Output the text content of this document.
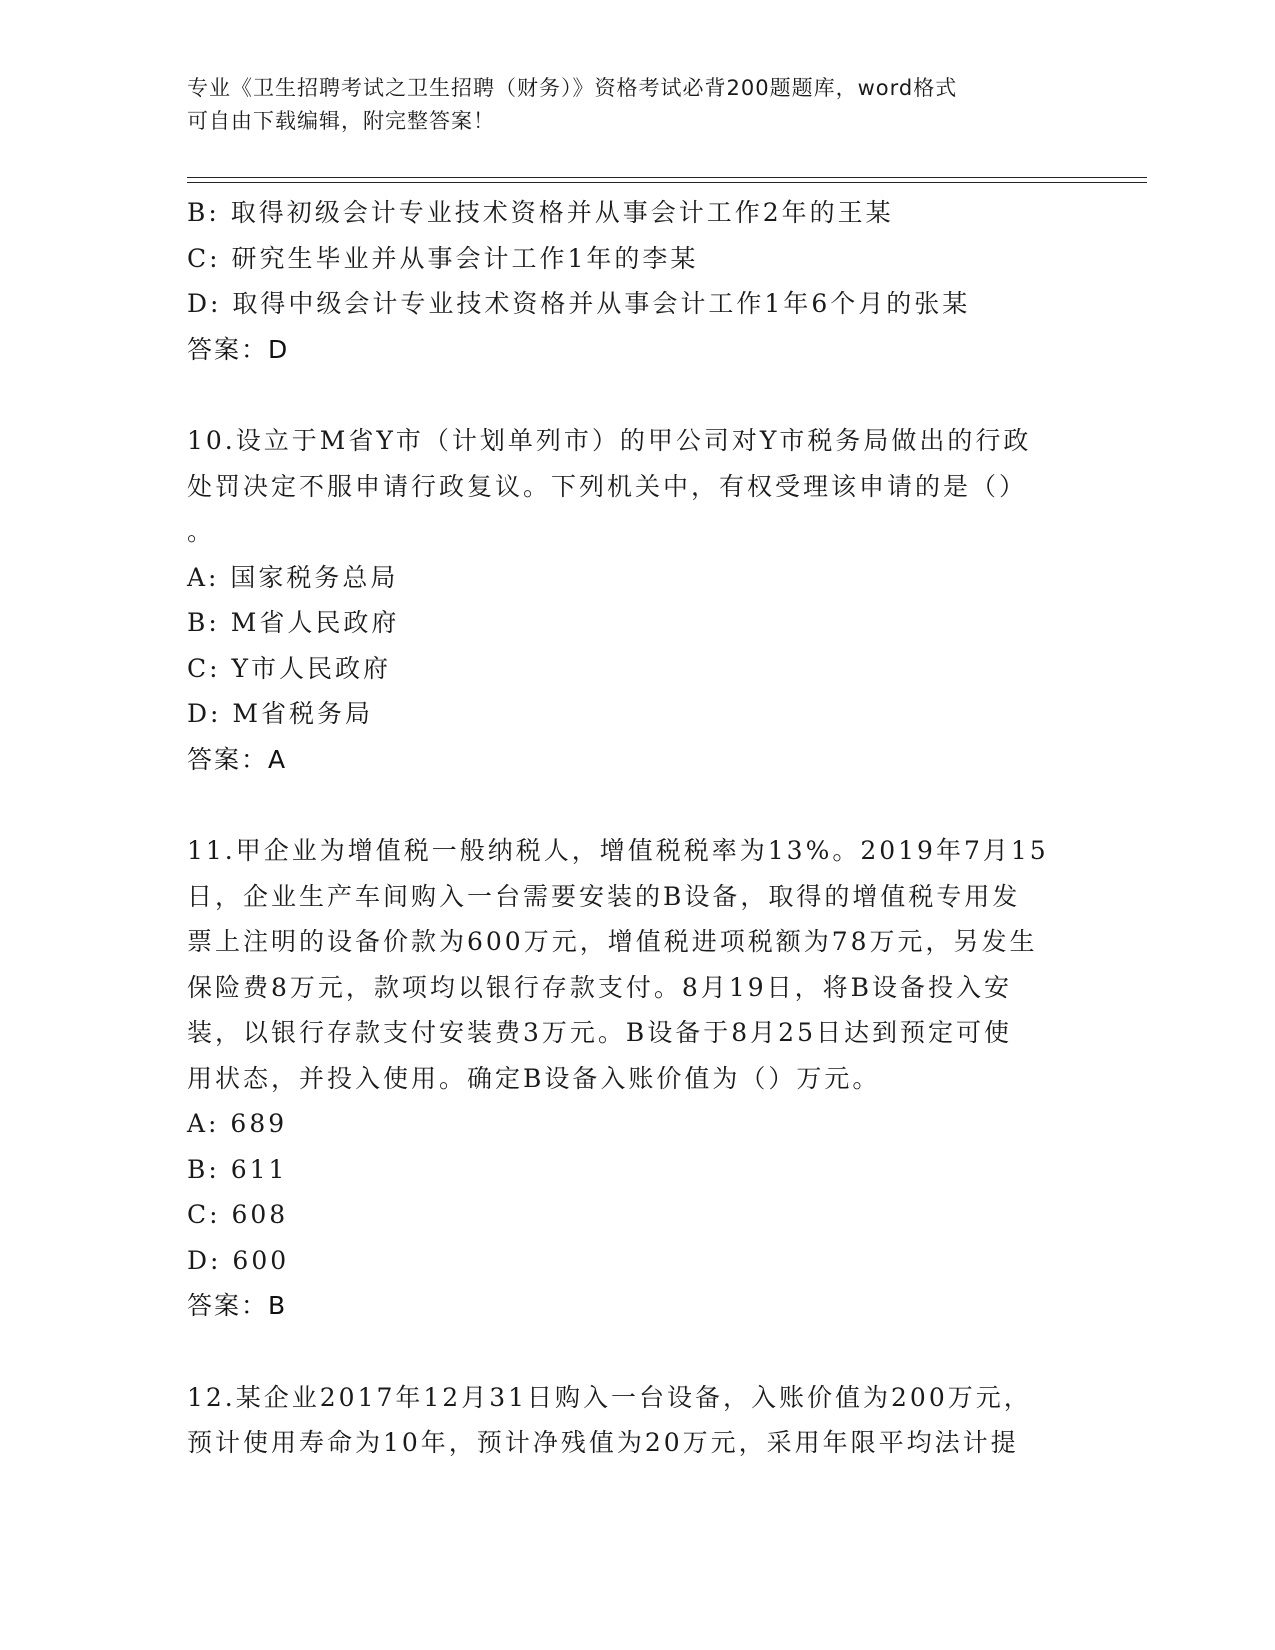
专业《卫生招聘考试之卫生招聘（财务）》资格考试必背200题题库，word格式
可自由下载编辑，附完整答案！
B: 取得初级会计专业技术资格并从事会计工作2年的王某
C: 研究生毕业并从事会计工作1年的李某
D: 取得中级会计专业技术资格并从事会计工作1年6个月的张某
答案：D
10.设立于M省Y市（计划单列市）的甲公司对Y市税务局做出的行政
处罚决定不服申请行政复议。下列机关中，有权受理该申请的是（）
。
A: 国家税务总局
B: M省人民政府
C: Y市人民政府
D: M省税务局
答案：A
11.甲企业为增值税一般纳税人，增值税税率为13%。2019年7月15
日，企业生产车间购入一台需要安装的B设备，取得的增值税专用发
票上注明的设备价款为600万元，增值税进项税额为78万元，另发生
保险费8万元，款项均以银行存款支付。8月19日，将B设备投入安
装，以银行存款支付安装费3万元。B设备于8月25日达到预定可使
用状态，并投入使用。确定B设备入账价值为（）万元。
A: 689
B: 611
C: 608
D: 600
答案：B
12.某企业2017年12月31日购入一台设备，入账价值为200万元，
预计使用寿命为10年，预计净残值为20万元，采用年限平均法计提
